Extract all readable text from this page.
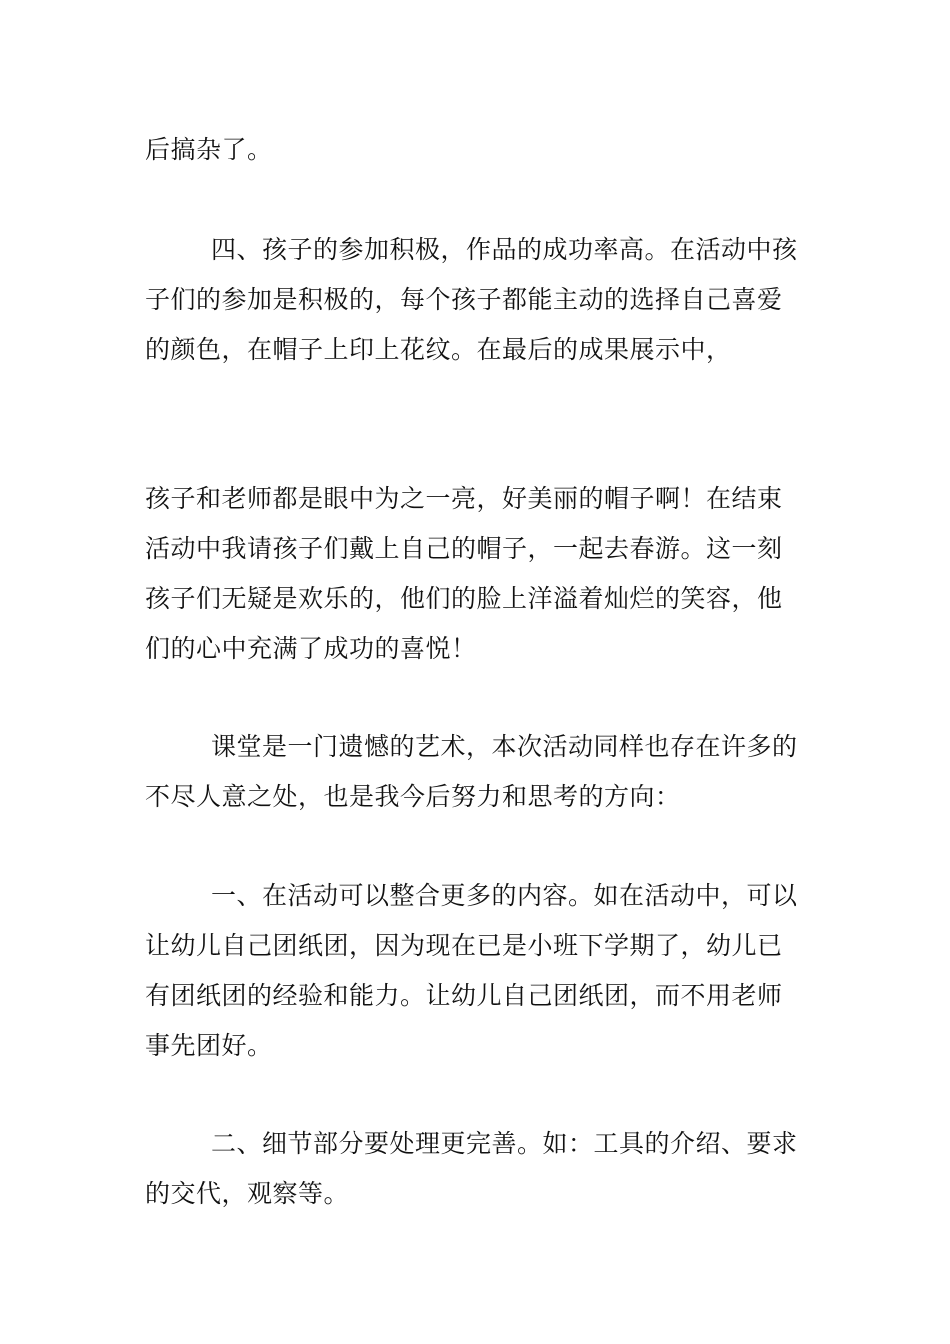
后搞杂了。

四、孩子的参加积极，作品的成功率高。在活动中孩
子们的参加是积极的，每个孩子都能主动的选择自己喜爱
的颜色，在帽子上印上花纹。在最后的成果展示中，

孩子和老师都是眼中为之一亮，好美丽的帽子啊！在结束
活动中我请孩子们戴上自己的帽子，一起去春游。这一刻
孩子们无疑是欢乐的，他们的脸上洋溢着灿烂的笑容，他
们的心中充满了成功的喜悦！

课堂是一门遗憾的艺术，本次活动同样也存在许多的
不尽人意之处，也是我今后努力和思考的方向：

一、在活动可以整合更多的内容。如在活动中，可以
让幼儿自己团纸团，因为现在已是小班下学期了，幼儿已
有团纸团的经验和能力。让幼儿自己团纸团，而不用老师
事先团好。

二、细节部分要处理更完善。如：工具的介绍、要求
的交代，观察等。
